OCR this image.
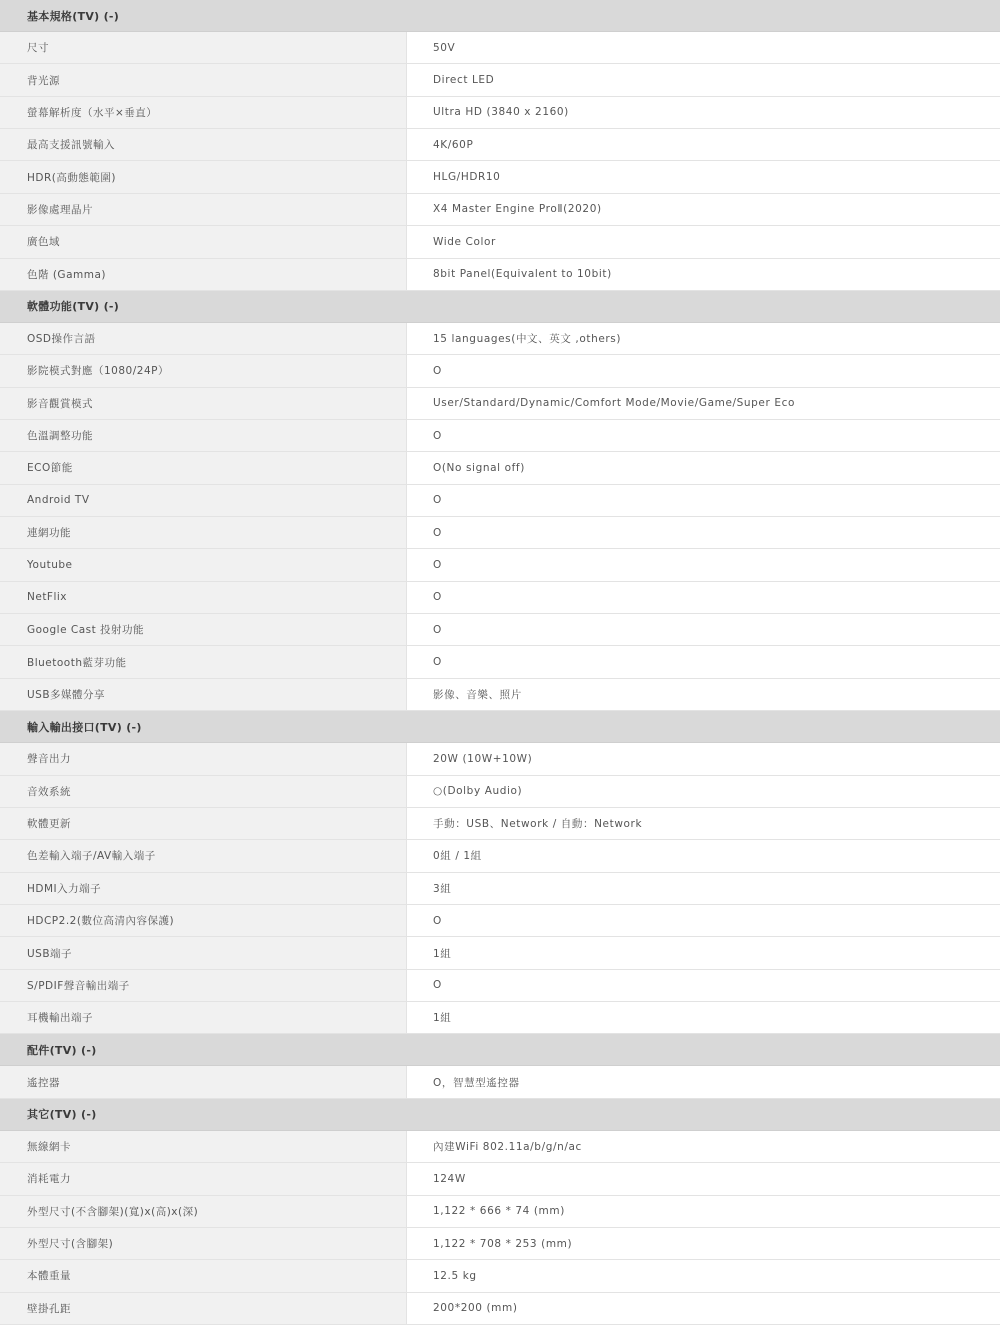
基本規格(TV) (-)
尺寸	50V
背光源	Direct LED
螢幕解析度（水平×垂直）	Ultra HD (3840 x 2160)
最高支援訊號輸入	4K/60P
HDR(高動態範圍)	HLG/HDR10
影像處理晶片	X4 Master Engine ProⅡ(2020)
廣色域	Wide Color
色階 (Gamma)	8bit Panel(Equivalent to 10bit)
軟體功能(TV) (-)
OSD操作言語	15 languages(中文、英文 ,others)
影院模式對應（1080/24P）	O
影音觀賞模式	User/Standard/Dynamic/Comfort Mode/Movie/Game/Super Eco
色溫調整功能	O
ECO節能	O(No signal off)
Android TV	O
連網功能	O
Youtube	O
NetFlix	O
Google Cast 投射功能	O
Bluetooth藍芽功能	O
USB多媒體分享	影像、音樂、照片
輸入輸出接口(TV) (-)
聲音出力	20W (10W+10W)
音效系統	○(Dolby Audio)
軟體更新	手動：USB、Network / 自動：Network
色差輸入端子/AV輸入端子	0組 / 1組
HDMI入力端子	3組
HDCP2.2(數位高清內容保護)	O
USB端子	1組
S/PDIF聲音輸出端子	O
耳機輸出端子	1組
配件(TV) (-)
遙控器	O，智慧型遙控器
其它(TV) (-)
無線網卡	內建WiFi 802.11a/b/g/n/ac
消耗電力	124W
外型尺寸(不含腳架)(寬)x(高)x(深)	1,122 * 666 * 74 (mm)
外型尺寸(含腳架)	1,122 * 708 * 253 (mm)
本體重量	12.5 kg
壁掛孔距	200*200 (mm)
